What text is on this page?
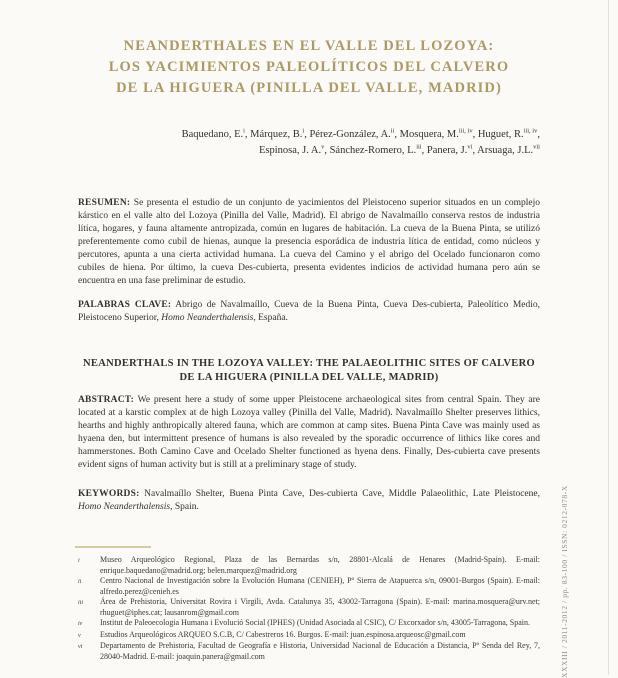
NEANDERTHALES EN EL VALLE DEL LOZOYA:
LOS YACIMIENTOS PALEOLÍTICOS DEL CALVERO
DE LA HIGUERA (PINILLA DEL VALLE, MADRID)
Baquedano, E.$^i$, Márquez, B.$^i$, Pérez-González, A.$^{ii}$, Mosquera, M.$^{iii, iv}$, Huguet, R.$^{iii, iv}$,
Espinosa, J. A.$^v$, Sánchez-Romero, L.$^{iii}$, Panera, J.$^{vi}$, Arsuaga, J.L.$^{vii}$
RESUMEN: Se presenta el estudio de un conjunto de yacimientos del Pleistoceno superior situados en un complejo kárstico en el valle alto del Lozoya (Pinilla del Valle, Madrid). El abrigo de Navalmaíllo conserva restos de industria lítica, hogares, y fauna altamente antropizada, común en lugares de habitación. La cueva de la Buena Pinta, se utilizó preferentemente como cubil de hienas, aunque la presencia esporádica de industria lítica de entidad, como núcleos y percutores, apunta a una cierta actividad humana. La cueva del Camino y el abrigo del Ocelado funcionaron como cubiles de hiena. Por último, la cueva Des-cubierta, presenta evidentes indicios de actividad humana pero aún se encuentra en una fase preliminar de estudio.
PALABRAS CLAVE: Abrigo de Navalmaíllo, Cueva de la Buena Pinta, Cueva Des-cubierta, Paleolítico Medio, Pleistoceno Superior, Homo Neanderthalensis, España.
NEANDERTHALS IN THE LOZOYA VALLEY: THE PALAEOLITHIC SITES OF CALVERO
DE LA HIGUERA (PINILLA DEL VALLE, MADRID)
ABSTRACT: We present here a study of some upper Pleistocene archaeological sites from central Spain. They are located at a karstic complex at de high Lozoya valley (Pinilla del Valle, Madrid). Navalmaíllo Shelter preserves lithics, hearths and highly anthropically altered fauna, which are common at camp sites. Buena Pinta Cave was mainly used as hyaena den, but intermittent presence of humans is also revealed by the sporadic occurrence of lithics like cores and hammerstones. Both Camino Cave and Ocelado Shelter functioned as hyena dens. Finally, Des-cubierta cave presents evident signs of human activity but is still at a preliminary stage of study.
KEYWORDS: Navalmaíllo Shelter, Buena Pinta Cave, Des-cubierta Cave, Middle Palaeolithic, Late Pleistocene, Homo Neanderthalensis, Spain.
i	Museo Arqueológico Regional, Plaza de las Bernardas s/n, 28801-Alcalá de Henares (Madrid-Spain). E-mail: enrique.baquedano@madrid.org; belen.marquez@madrid.org
ii	Centro Nacional de Investigación sobre la Evolución Humana (CENIEH), Pº Sierra de Atapuerca s/n, 09001-Burgos (Spain). E-mail: alfredo.perez@cenieh.es
iii	Área de Prehistoria, Universitat Rovira i Virgili, Avda. Catalunya 35, 43002-Tarragona (Spain). E-mail: marina.mosquera@urv.net; rhuguet@iphes.cat; lausanrom@gmail.com
iv	Institut de Paleoecologia Humana i Evolució Social (IPHES) (Unidad Asociada al CSIC), C/ Excorxador s/n, 43005-Tarragona, Spain.
v	Estudios Arqueológicos ARQUEO S.C.B, C/ Cabestreros 16. Burgos. E-mail: juan.espinosa.arqueosc@gmail.com
vi	Departamento de Prehistoria, Facultad de Geografía e Historia, Universidad Nacional de Educación a Distancia, Pº Senda del Rey, 7, 28040-Madrid. E-mail: joaquin.panera@gmail.com	XXXIII / 2011-2012 / pp. 83-100 / ISSN: 0212-078-X
